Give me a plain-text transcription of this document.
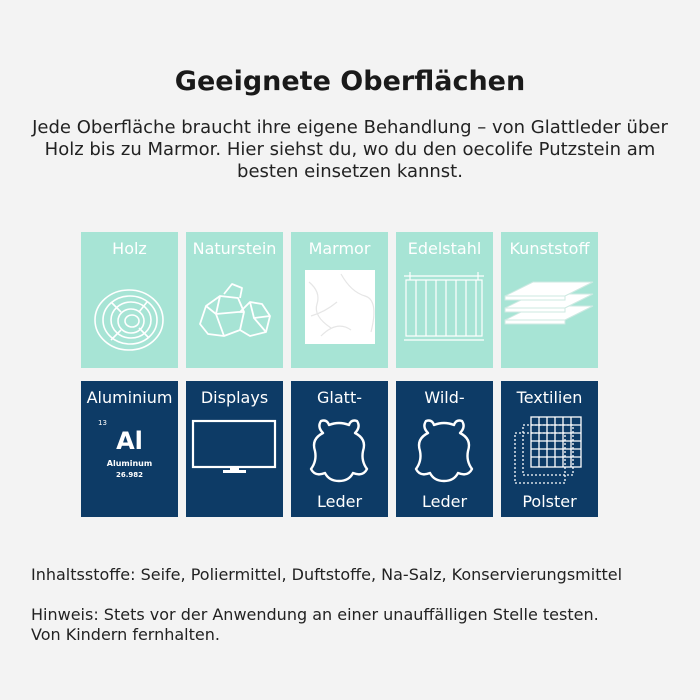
Geeignete Oberflächen
Jede Oberfläche braucht ihre eigene Behandlung – von Glattleder über Holz bis zu Marmor. Hier siehst du, wo du den oecolife Putzstein am besten einsetzen kannst.
Holz	Naturstein	Marmor	Edelstahl	Kunststoff
Aluminium
13
Al
Aluminum
26.982
Displays	Glatt-
Leder
Wild-
Leder
Textilien
Polster
Inhaltsstoffe: Seife, Poliermittel, Duftstoffe, Na-Salz, Konservierungsmittel
Hinweis: Stets vor der Anwendung an einer unauffälligen Stelle testen.
Von Kindern fernhalten.
